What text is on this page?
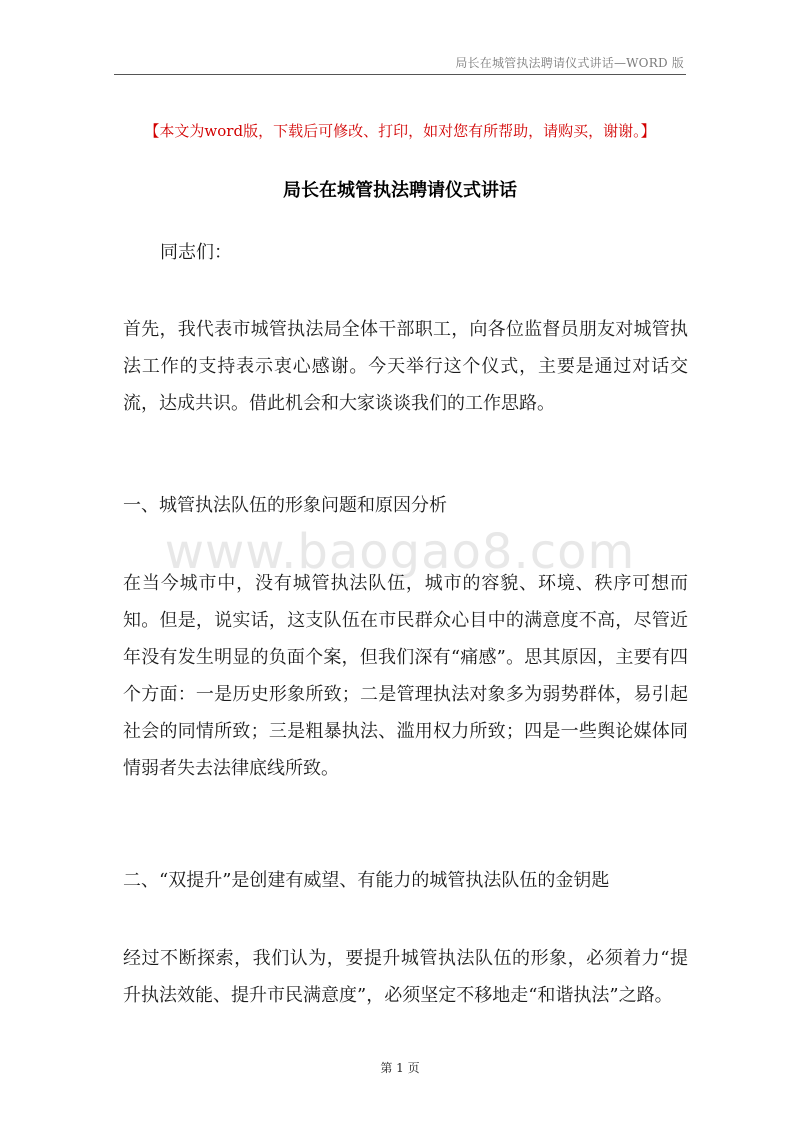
局长在城管执法聘请仪式讲话—WORD 版
【本文为word版，下载后可修改、打印，如对您有所帮助，请购买，谢谢。】
局长在城管执法聘请仪式讲话
www.baogao8.com
同志们：
首先，我代表市城管执法局全体干部职工，向各位监督员朋友对城管执法工作的支持表示衷心感谢。今天举行这个仪式，主要是通过对话交流，达成共识。借此机会和大家谈谈我们的工作思路。
一、城管执法队伍的形象问题和原因分析
在当今城市中，没有城管执法队伍，城市的容貌、环境、秩序可想而知。但是，说实话，这支队伍在市民群众心目中的满意度不高，尽管近年没有发生明显的负面个案，但我们深有“痛感”。思其原因，主要有四个方面：一是历史形象所致；二是管理执法对象多为弱势群体，易引起社会的同情所致；三是粗暴执法、滥用权力所致；四是一些舆论媒体同情弱者失去法律底线所致。
二、“双提升”是创建有威望、有能力的城管执法队伍的金钥匙
经过不断探索，我们认为，要提升城管执法队伍的形象，必须着力“提升执法效能、提升市民满意度”，必须坚定不移地走“和谐执法”之路。
第 1 页
